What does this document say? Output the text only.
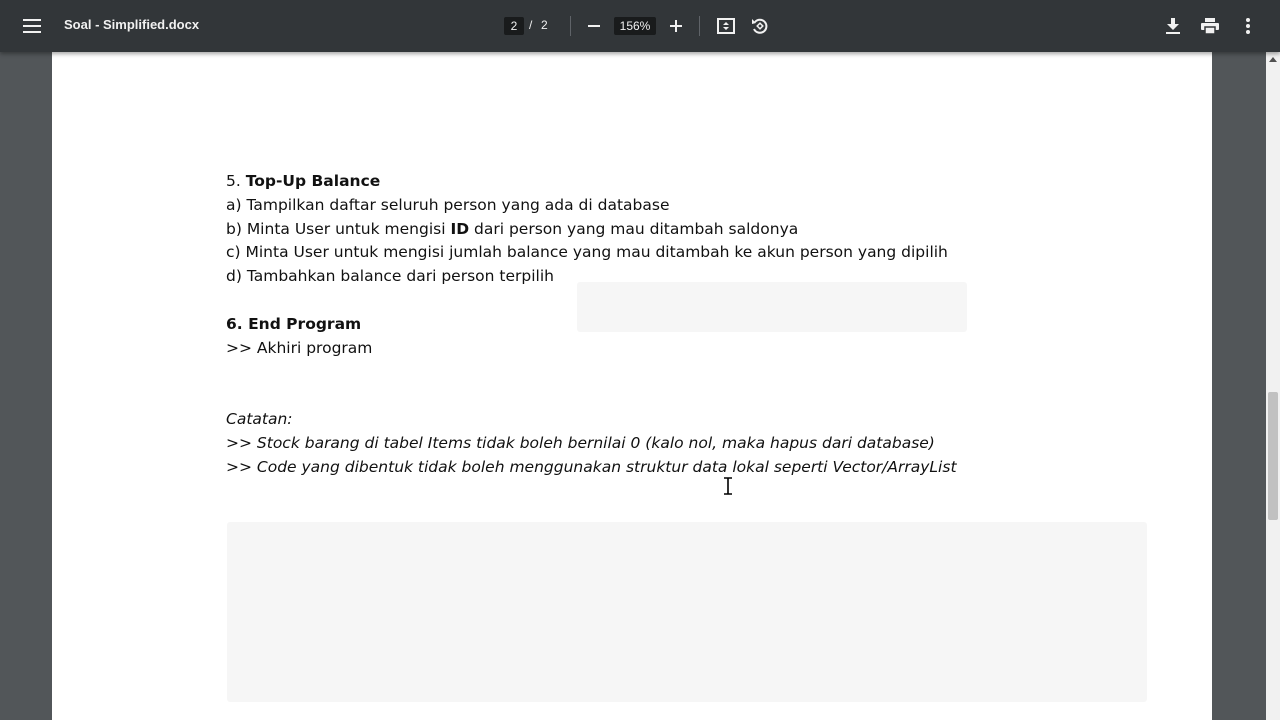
Soal - Simplified.docx	2 / 2	156%
5. Top-Up Balance
a) Tampilkan daftar seluruh person yang ada di database
b) Minta User untuk mengisi ID dari person yang mau ditambah saldonya
c) Minta User untuk mengisi jumlah balance yang mau ditambah ke akun person yang dipilih
d) Tambahkan balance dari person terpilih
6. End Program
>> Akhiri program
Catatan:
>> Stock barang di tabel Items tidak boleh bernilai 0 (kalo nol, maka hapus dari database)
>> Code yang dibentuk tidak boleh menggunakan struktur data lokal seperti Vector/ArrayList
